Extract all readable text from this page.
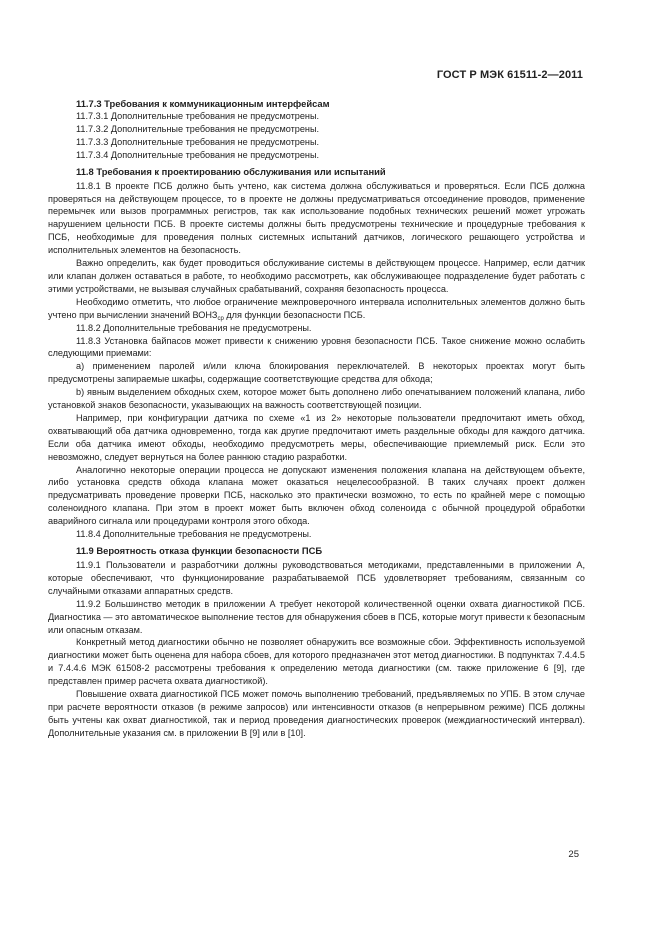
ГОСТ Р МЭК 61511-2—2011
11.7.3 Требования к коммуникационным интерфейсам

11.7.3.1 Дополнительные требования не предусмотрены.

11.7.3.2 Дополнительные требования не предусмотрены.

11.7.3.3 Дополнительные требования не предусмотрены.

11.7.3.4 Дополнительные требования не предусмотрены.

11.8 Требования к проектированию обслуживания или испытаний

11.8.1 В проекте ПСБ должно быть учтено, как система должна обслуживаться и проверяться. Если ПСБ должна проверяться на действующем процессе, то в проекте не должны предусматриваться отсоединение проводов, применение перемычек или вызов программных регистров, так как использование подобных технических решений может угрожать нарушением цельности ПСБ. В проекте системы должны быть предусмотрены технические и процедурные требования к ПСБ, необходимые для проведения полных системных испытаний датчиков, логического решающего устройства и исполнительных элементов на безопасность.

Важно определить, как будет проводиться обслуживание системы в действующем процессе. Например, если датчик или клапан должен оставаться в работе, то необходимо рассмотреть, как обслуживающее подразделение будет работать с этими устройствами, не вызывая случайных срабатываний, сохраняя безопасность процесса.

Необходимо отметить, что любое ограничение межпроверочного интервала исполнительных элементов должно быть учтено при вычислении значений $ВОНЗ_{ср}$ для функции безопасности ПСБ.

11.8.2 Дополнительные требования не предусмотрены.

11.8.3 Установка байпасов может привести к снижению уровня безопасности ПСБ. Такое снижение можно ослабить следующими приемами:

a) применением паролей и/или ключа блокирования переключателей. В некоторых проектах могут быть предусмотрены запираемые шкафы, содержащие соответствующие средства для обхода;

b) явным выделением обходных схем, которое может быть дополнено либо опечатыванием положений клапана, либо установкой знаков безопасности, указывающих на важность соответствующей позиции.

Например, при конфигурации датчика по схеме «1 из 2» некоторые пользователи предпочитают иметь обход, охватывающий оба датчика одновременно, тогда как другие предпочитают иметь раздельные обходы для каждого датчика. Если оба датчика имеют обходы, необходимо предусмотреть меры, обеспечивающие приемлемый риск. Если это невозможно, следует вернуться на более раннюю стадию разработки.

Аналогично некоторые операции процесса не допускают изменения положения клапана на действующем объекте, либо установка средств обхода клапана может оказаться нецелесообразной. В таких случаях проект должен предусматривать проведение проверки ПСБ, насколько это практически возможно, то есть по крайней мере с помощью соленоидного клапана. При этом в проект может быть включен обход соленоида с обычной процедурой обработки аварийного сигнала или процедурами контроля этого обхода.

11.8.4 Дополнительные требования не предусмотрены.

11.9 Вероятность отказа функции безопасности ПСБ

11.9.1 Пользователи и разработчики должны руководствоваться методиками, представленными в приложении А, которые обеспечивают, что функционирование разрабатываемой ПСБ удовлетворяет требованиям, связанным со случайными отказами аппаратных средств.

11.9.2 Большинство методик в приложении А требует некоторой количественной оценки охвата диагностикой ПСБ. Диагностика — это автоматическое выполнение тестов для обнаружения сбоев в ПСБ, которые могут привести к безопасным или опасным отказам.

Конкретный метод диагностики обычно не позволяет обнаружить все возможные сбои. Эффективность используемой диагностики может быть оценена для набора сбоев, для которого предназначен этот метод диагностики. В подпунктах 7.4.4.5 и 7.4.4.6 МЭК 61508-2 рассмотрены требования к определению метода диагностики (см. также приложение 6 [9], где представлен пример расчета охвата диагностикой).

Повышение охвата диагностикой ПСБ может помочь выполнению требований, предъявляемых по УПБ. В этом случае при расчете вероятности отказов (в режиме запросов) или интенсивности отказов (в непрерывном режиме) ПСБ должны быть учтены как охват диагностикой, так и период проведения диагностических проверок (междиагностический интервал). Дополнительные указания см. в приложении В [9] или в [10].

25
